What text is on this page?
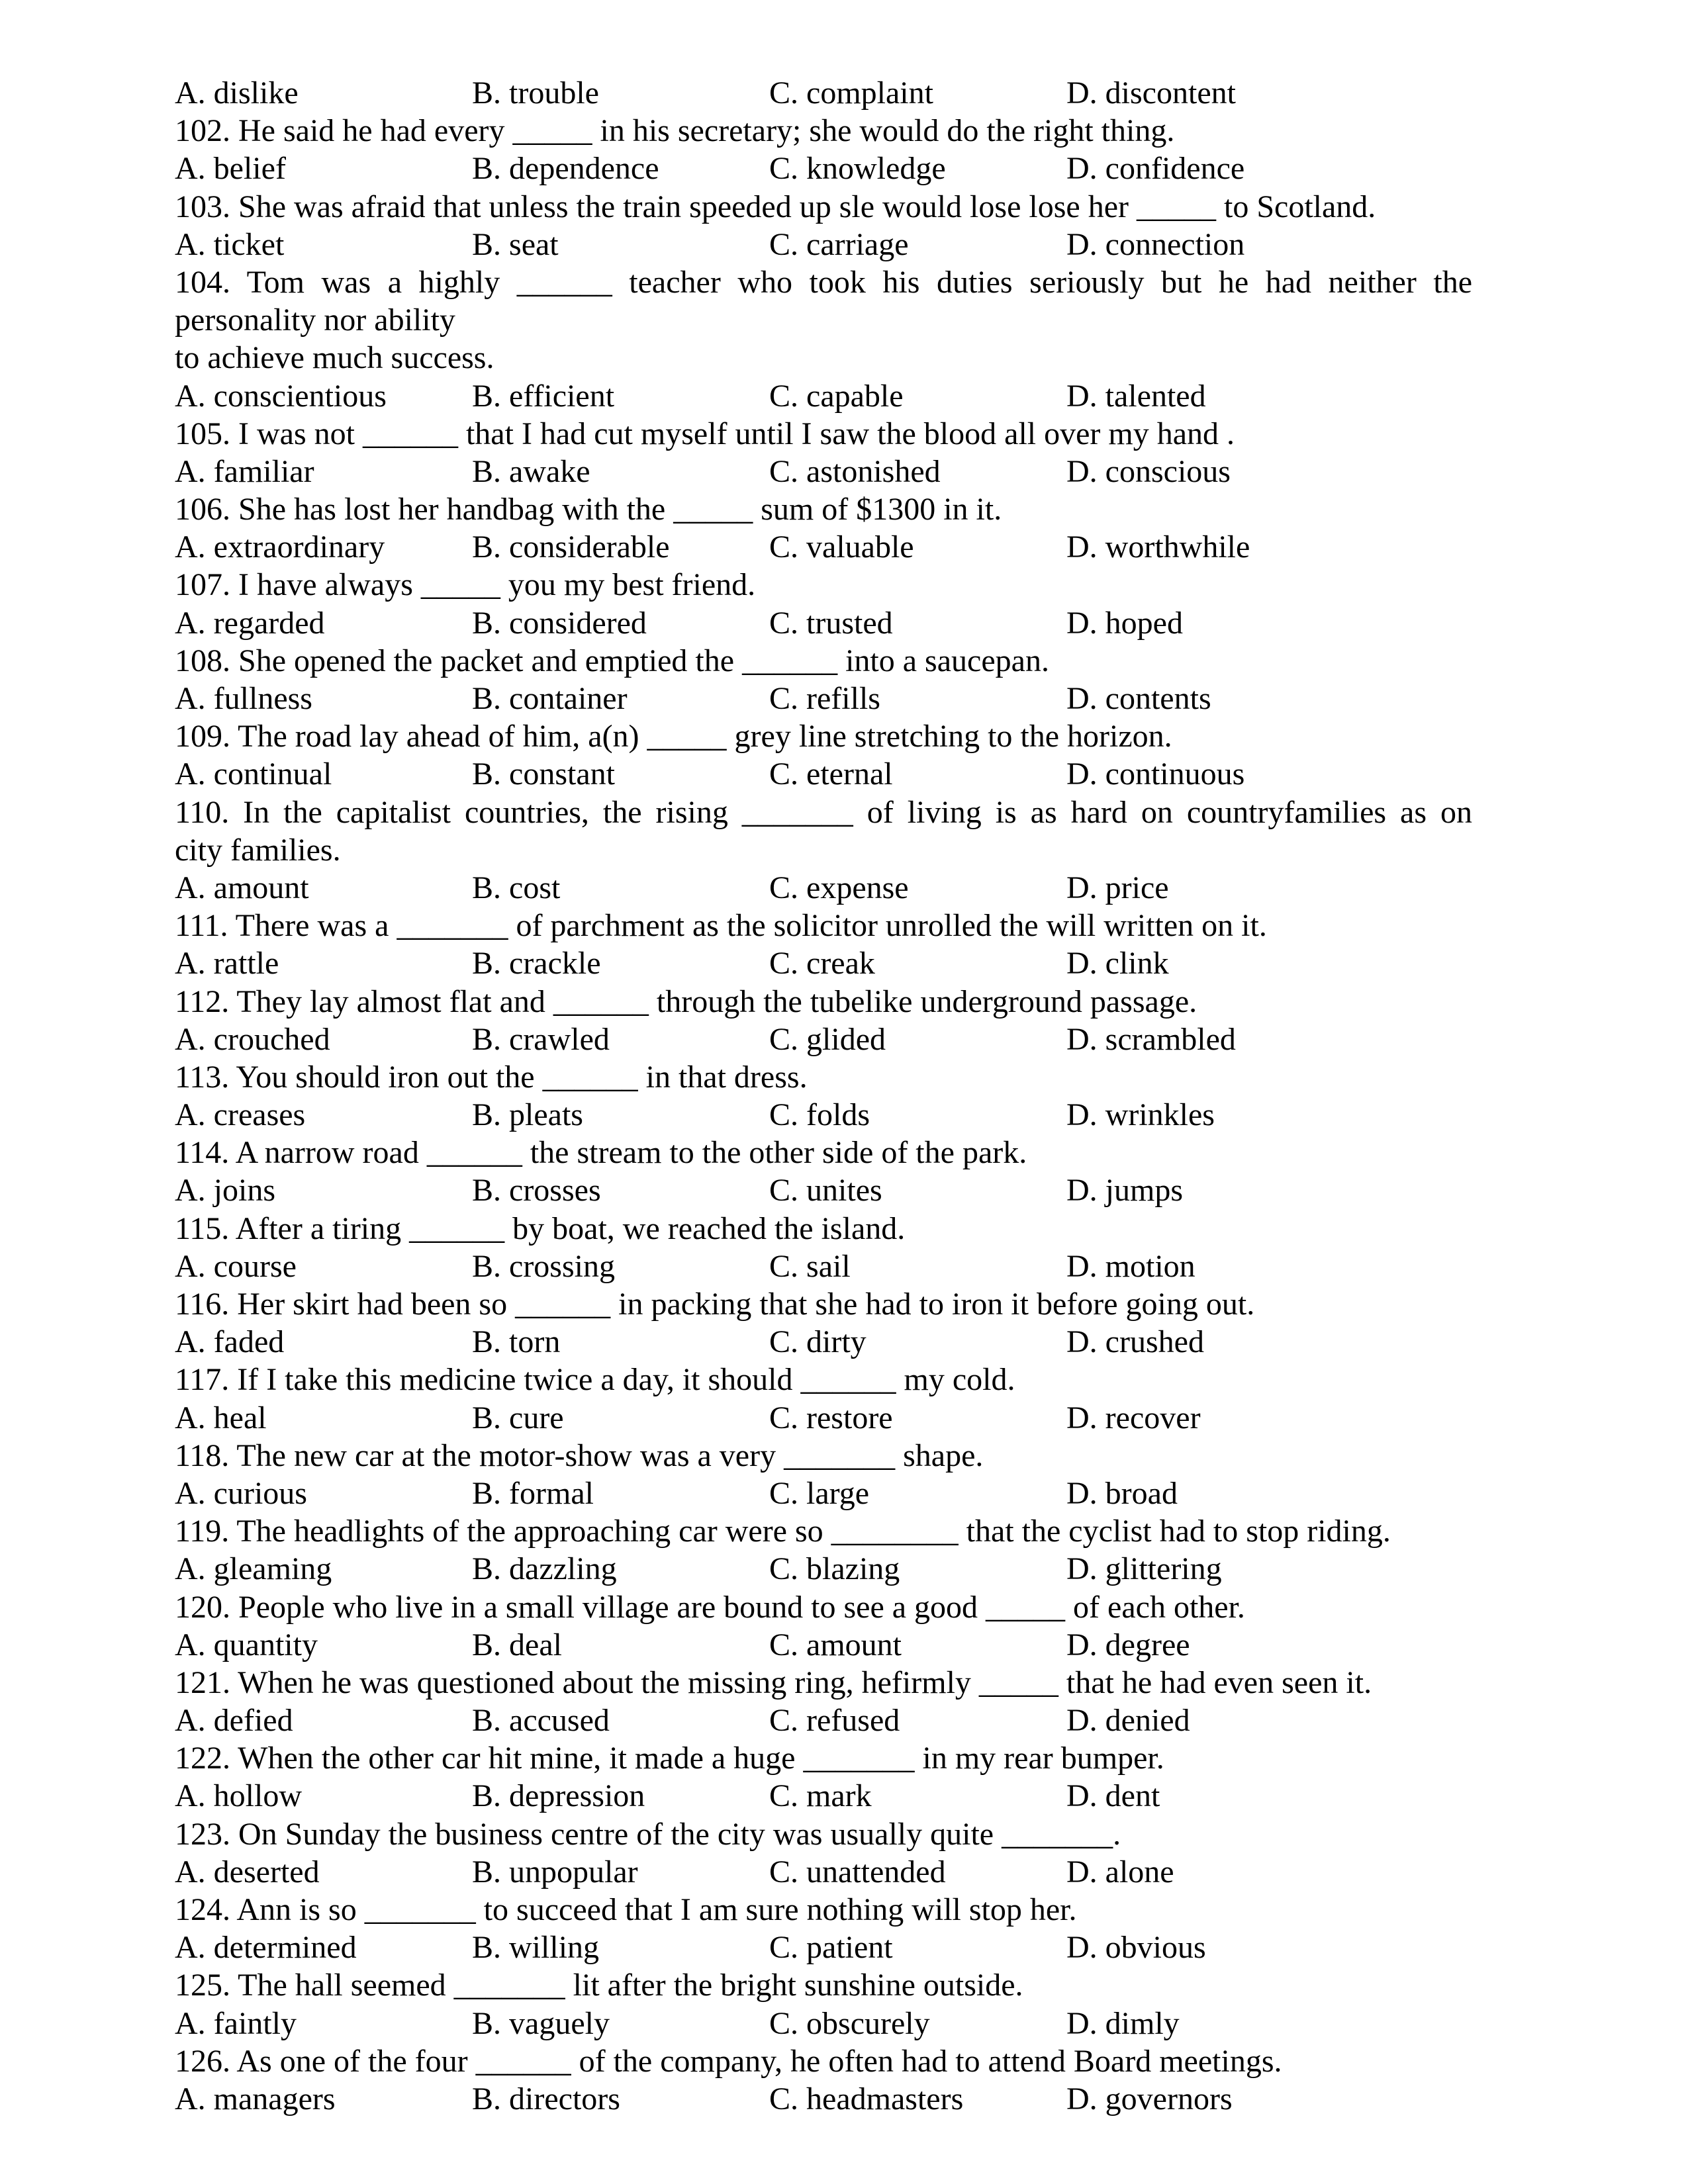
A. dislike	B. trouble	C. complaint	D. discontent
102. He said he had every _____ in his secretary; she would do the right thing.
A. belief	B. dependence	C. knowledge	D. confidence
103. She was afraid that unless the train speeded up sle would lose lose her _____ to Scotland.
A. ticket	B. seat	C. carriage	D. connection
104. Tom was a highly ______ teacher who took his duties seriously but he had neither the
personality nor ability
to achieve much success.
A. conscientious	B. efficient	C. capable	D. talented
105. I was not ______ that I had cut myself until I saw the blood all over my hand .
A. familiar	B. awake	C. astonished	D. conscious
106. She has lost her handbag with the _____ sum of $1300 in it.
A. extraordinary	B. considerable	C. valuable	D. worthwhile
107. I have always _____ you my best friend.
A. regarded	B. considered	C. trusted	D. hoped
108. She opened the packet and emptied the ______ into a saucepan.
A. fullness	B. container	C. refills	D. contents
109. The road lay ahead of him, a(n) _____ grey line stretching to the horizon.
A. continual	B. constant	C. eternal	D. continuous
110. In the capitalist countries, the rising _______ of living is as hard on countryfamilies as on
city families.
A. amount	B. cost	C. expense	D. price
111. There was a _______ of parchment as the solicitor unrolled the will written on it.
A. rattle	B. crackle	C. creak	D. clink
112. They lay almost flat and ______ through the tubelike underground passage.
A. crouched	B. crawled	C. glided	D. scrambled
113. You should iron out the ______ in that dress.
A. creases	B. pleats	C. folds	D. wrinkles
114. A narrow road ______ the stream to the other side of the park.
A. joins	B. crosses	C. unites	D. jumps
115. After a tiring ______ by boat, we reached the island.
A. course	B. crossing	C. sail	D. motion
116. Her skirt had been so ______ in packing that she had to iron it before going out.
A. faded	B. torn	C. dirty	D. crushed
117. If I take this medicine twice a day, it should ______ my cold.
A. heal	B. cure	C. restore	D. recover
118. The new car at the motor-show was a very _______ shape.
A. curious	B. formal	C. large	D. broad
119. The headlights of the approaching car were so ________ that the cyclist had to stop riding.
A. gleaming	B. dazzling	C. blazing	D. glittering
120. People who live in a small village are bound to see a good _____ of each other.
A. quantity	B. deal	C. amount	D. degree
121. When he was questioned about the missing ring, hefirmly _____ that he had even seen it.
A. defied	B. accused	C. refused	D. denied
122. When the other car hit mine, it made a huge _______ in my rear bumper.
A. hollow	B. depression	C. mark	D. dent
123. On Sunday the business centre of the city was usually quite _______.
A. deserted	B. unpopular	C. unattended	D. alone
124. Ann is so _______ to succeed that I am sure nothing will stop her.
A. determined	B. willing	C. patient	D. obvious
125. The hall seemed _______ lit after the bright sunshine outside.
A. faintly	B. vaguely	C. obscurely	D. dimly
126. As one of the four ______ of the company, he often had to attend Board meetings.
A. managers	B. directors	C. headmasters	D. governors
